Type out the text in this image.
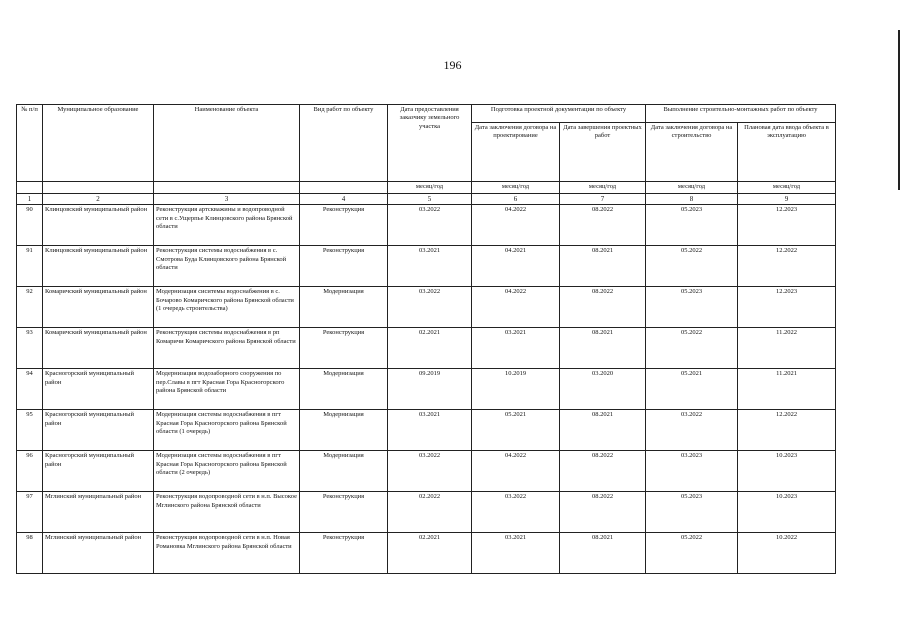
196
№ п/п	Муниципальное образование	Наименование объекта	Вид работ по объекту	Дата предоставления заказчику земельного участка	Подготовка проектной документации по объекту		Выполнение строительно-монтажных работ по объекту	
					Дата заключения договора на проектирование	Дата завершения проектных работ	Дата заключения договора на строительство	Плановая дата ввода объекта в эксплуатацию
				месяц/год	месяц/год	месяц/год	месяц/год	месяц/год
1	2	3	4	5	6	7	8	9
90	Клинцовский муниципальный район	Реконструкция артскважины и водопроводной сети в с.Ущерпье Клинцовского района Брянской области	Реконструкция	03.2022	04.2022	08.2022	05.2023	12.2023
91	Клинцовский муниципальный район	Реконструкция системы водоснабжения в с. Смотрова Буда Клинцовского района Брянской области	Реконструкция	03.2021	04.2021	08.2021	05.2022	12.2022
92	Комаричский муниципальный район	Модернизация сиситемы водоснабжения в с. Бочарово Комаричского района Брянской области (1 очередь строительства)	Модернизация	03.2022	04.2022	08.2022	05.2023	12.2023
93	Комаричский муниципальный район	Реконструкция системы водоснабжения в рп Комаричи Комаричского района Брянской области	Реконструкция	02.2021	03.2021	08.2021	05.2022	11.2022
94	Красногорский муниципальный район	Модернизация водозаборного сооружения по пер.Славы в пгт Красная Гора Красногорского района Брянской области	Модернизация	09.2019	10.2019	03.2020	05.2021	11.2021
95	Красногорский муниципальный район	Модернизация системы водоснабжения в пгт Красная Гора Красногорского района Брянской области (1 очередь)	Модернизация	03.2021	05.2021	08.2021	03.2022	12.2022
96	Красногорский муниципальный район	Модернизация системы водоснабжения в пгт Красная Гора Красногорского района Брянской области (2 очередь)	Модернизация	03.2022	04.2022	08.2022	03.2023	10.2023
97	Мглинский муниципальный район	Реконструкция водопроводной сети в н.п. Высокое Мглинского района Брянской области	Реконструкция	02.2022	03.2022	08.2022	05.2023	10.2023
98	Мглинский муниципальный район	Реконструкция водопроводной сети в н.п. Новая Романовка Мглинского района Брянской области	Реконструкция	02.2021	03.2021	08.2021	05.2022	10.2022
